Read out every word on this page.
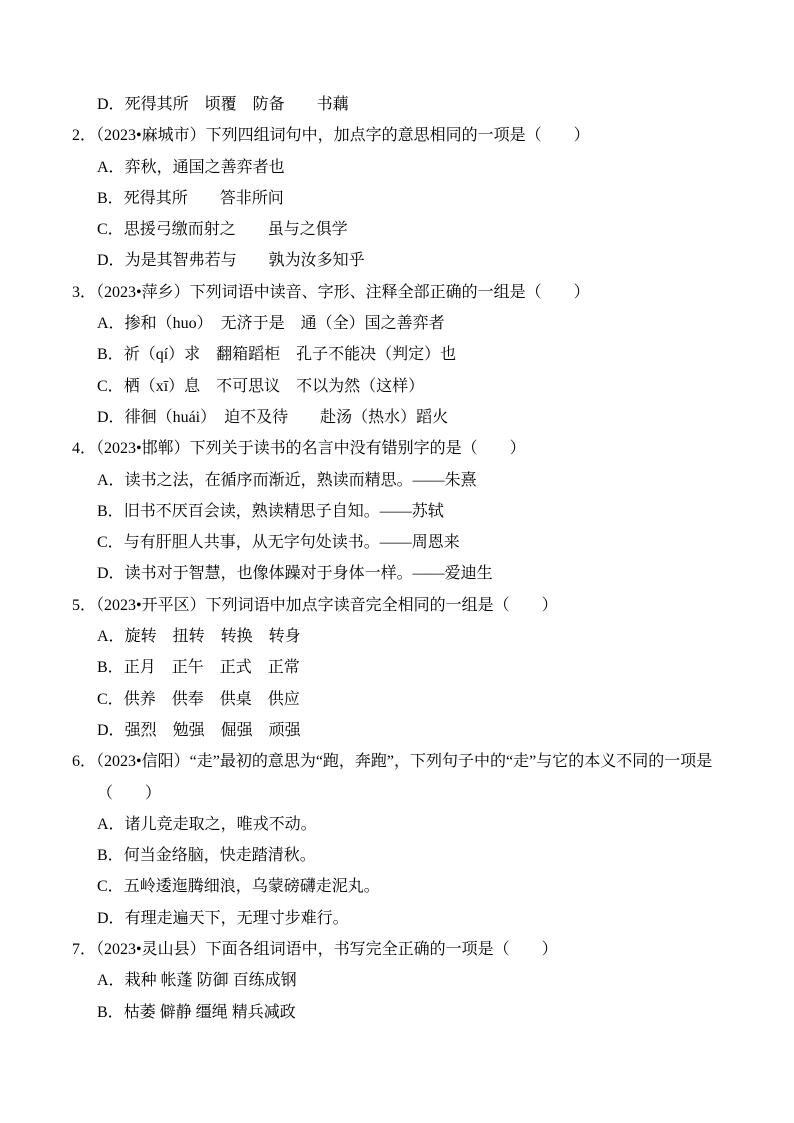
D．死得其所　顷覆　防备　　书藕
2．（2023•麻城市）下列四组词句中，加点字的意思相同的一项是（　　）
A．弈秋，通国之善弈者也
B．死得其所　　答非所问
C．思援弓缴而射之　　虽与之俱学
D．为是其智弗若与　　孰为汝多知乎
3．（2023•萍乡）下列词语中读音、字形、注释全部正确的一组是（　　）
A．掺和（huo）　无济于是　通（全）国之善弈者
B．祈（qí）求　翻箱蹈柜　孔子不能决（判定）也
C．栖（xī）息　不可思议　不以为然（这样）
D．徘徊（huái）　迫不及待　　赴汤（热水）蹈火
4．（2023•邯郸）下列关于读书的名言中没有错别字的是（　　）
A．读书之法，在循序而渐近，熟读而精思。——朱熹
B．旧书不厌百会读，熟读精思子自知。——苏轼
C．与有肝胆人共事，从无字句处读书。——周恩来
D．读书对于智慧，也像体躁对于身体一样。——爱迪生
5．（2023•开平区）下列词语中加点字读音完全相同的一组是（　　）
A．旋转　扭转　转换　转身
B．正月　正午　正式　正常
C．供养　供奉　供桌　供应
D．强烈　勉强　倔强　顽强
6．（2023•信阳）“走”最初的意思为“跑，奔跑”，下列句子中的“走”与它的本义不同的一项是（　　）
A．诸儿竞走取之，唯戎不动。
B．何当金络脑，快走踏清秋。
C．五岭逶迤腾细浪，乌蒙磅礴走泥丸。
D．有理走遍天下，无理寸步难行。
7．（2023•灵山县）下面各组词语中，书写完全正确的一项是（　　）
A．栽种 帐蓬 防御 百练成钢
B．枯萎 僻静 缰绳 精兵减政
